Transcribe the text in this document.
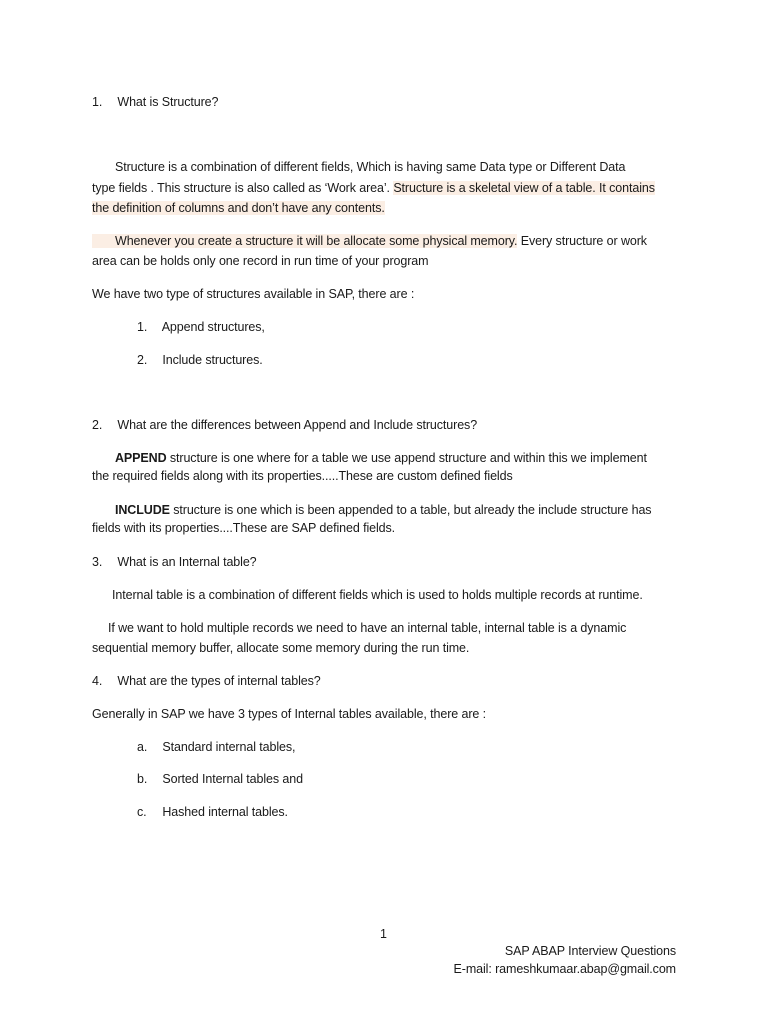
1. What is Structure?
Structure is a combination of different fields, Which is having same Data type or Different Data
type fields . This structure is also called as ‘Work area’. Structure is a skeletal view of a table. It contains
the definition of columns and don’t have any contents.
Whenever you create a structure it will be allocate some physical memory. Every structure or work
area can be holds only one record in run time of your program
We have two type of structures available in SAP, there are :
1. Append structures,
2. Include structures.
2. What are the differences between Append and Include structures?
APPEND structure is one where for a table we use append structure and within this we implement
the required fields along with its properties.....These are custom defined fields
INCLUDE structure is one which is been appended to a table, but already the include structure has
fields with its properties....These are SAP defined fields.
3. What is an Internal table?
Internal table is a combination of different fields which is used to holds multiple records at runtime.
If we want to hold multiple records we need to have an internal table, internal table is a dynamic
sequential memory buffer, allocate some memory during the run time.
4. What are the types of internal tables?
Generally in SAP we have 3 types of Internal tables available, there are :
a. Standard internal tables,
b. Sorted Internal tables and
c. Hashed internal tables.
1
SAP ABAP Interview Questions
E-mail: rameshkumaar.abap@gmail.com
